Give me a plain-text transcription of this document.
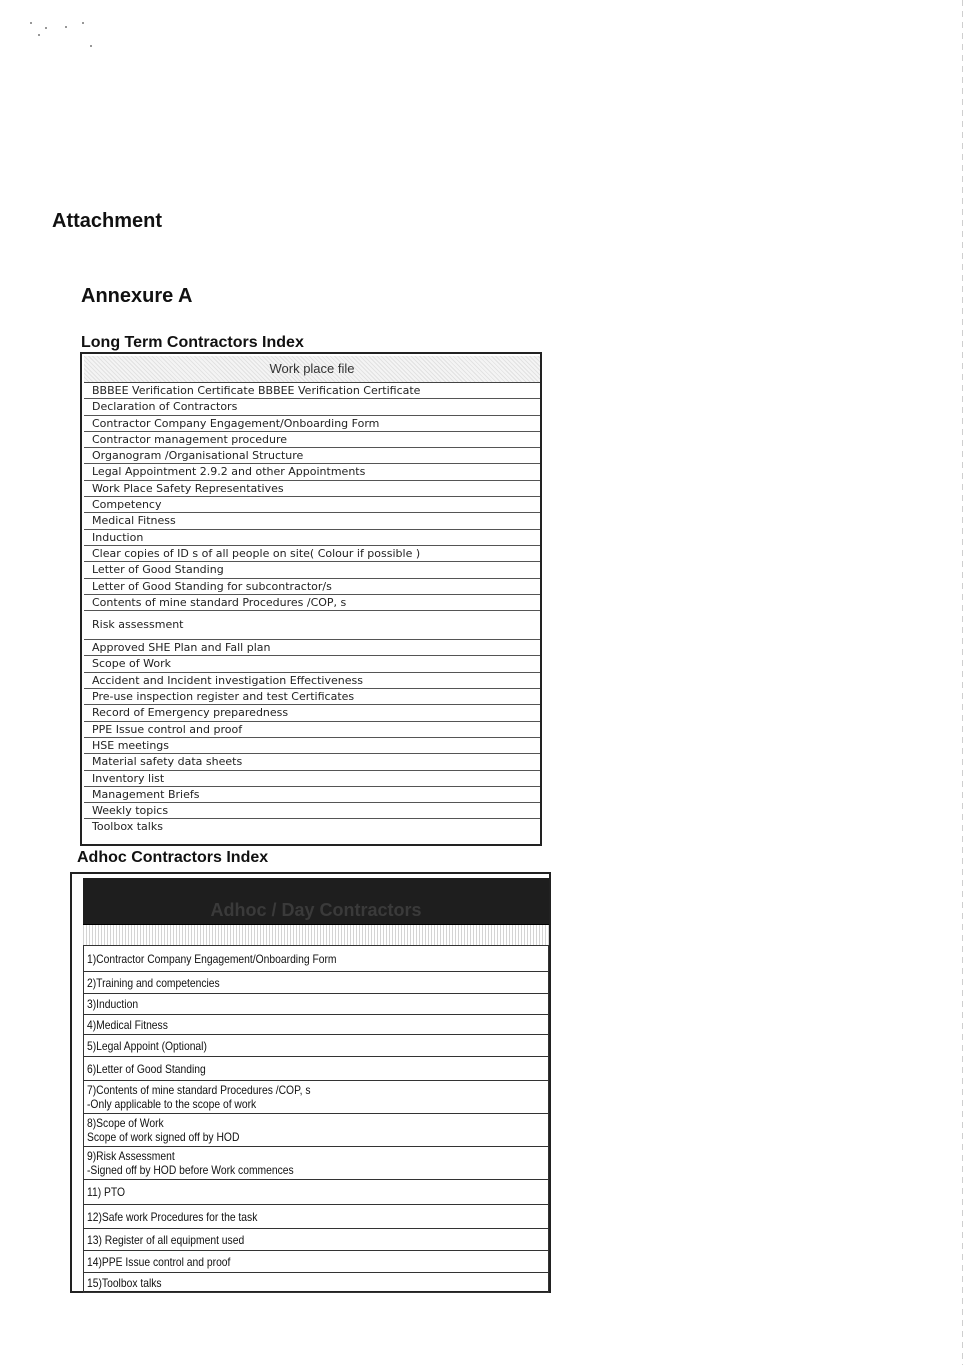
Attachment
Annexure A
Long Term Contractors Index
Work place file
BBBEE Verification Certificate BBBEE Verification Certificate
Declaration of Contractors
Contractor Company Engagement/Onboarding Form
Contractor management procedure
Organogram /Organisational Structure
Legal Appointment 2.9.2 and other Appointments
Work Place Safety Representatives
Competency
Medical Fitness
Induction
Clear copies of ID s of all people on site( Colour if possible )
Letter of Good Standing
Letter of Good Standing for subcontractor/s
Contents of mine standard Procedures /COP, s
Risk assessment
Approved SHE Plan and Fall plan
Scope of Work
Accident and Incident investigation Effectiveness
Pre-use inspection register and test Certificates
Record of Emergency preparedness
PPE Issue control and proof
HSE meetings
Material safety data sheets
Inventory list
Management Briefs
Weekly topics
Toolbox talks
Adhoc Contractors Index
Adhoc / Day Contractors
1)Contractor Company Engagement/Onboarding Form
2)Training and competencies
3)Induction
4)Medical Fitness
5)Legal Appoint (Optional)
6)Letter of Good Standing
7)Contents of mine standard Procedures /COP, s
-Only applicable to the scope of work
8)Scope of Work
Scope of work signed off by HOD
9)Risk Assessment
-Signed off by HOD before Work commences
11) PTO
12)Safe work Procedures for the task
13) Register of all equipment used
14)PPE Issue control and proof
15)Toolbox talks
